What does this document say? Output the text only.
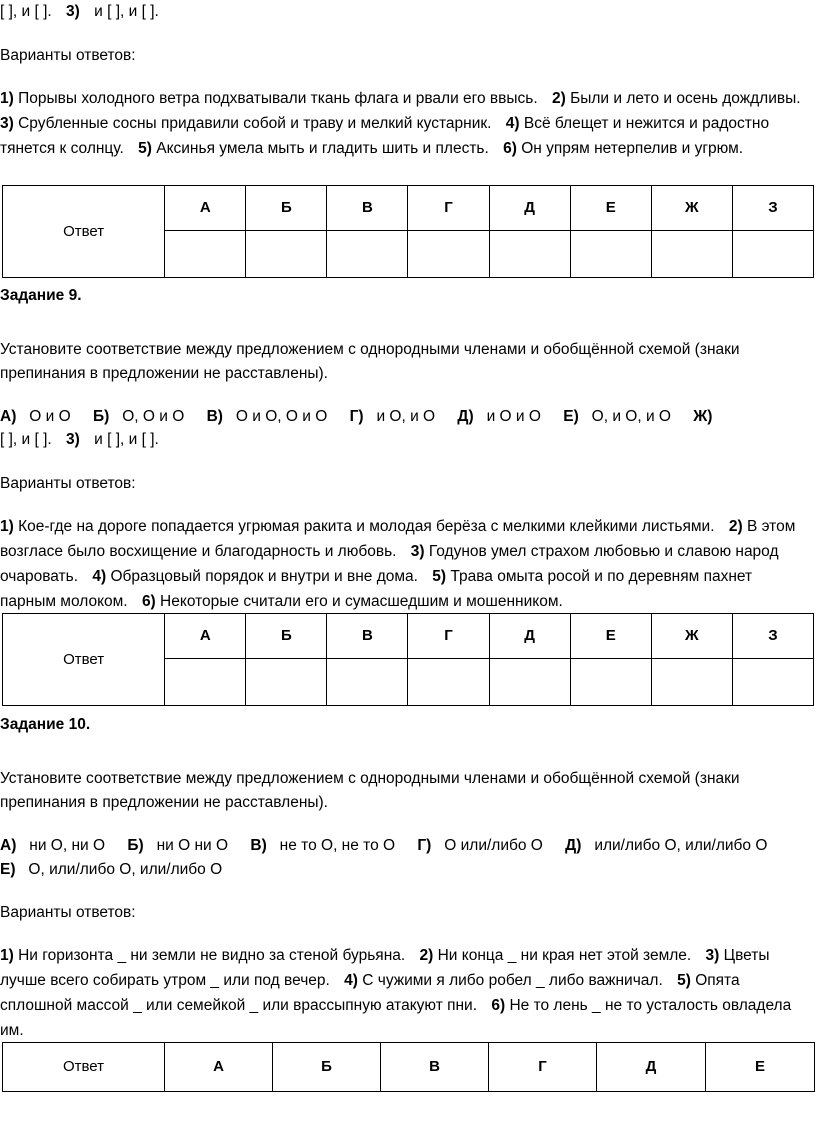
[ ], и [ ]. 3) и [ ], и [ ].
Варианты ответов:
1) Порывы холодного ветра подхватывали ткань флага и рвали его ввысь. 2) Были и лето и осень дождливы. 3) Срубленные сосны придавили собой и траву и мелкий кустарник. 4) Всё блещет и нежится и радостно тянется к солнцу. 5) Аксинья умела мыть и гладить шить и плесть. 6) Он упрям нетерпелив и угрюм.
Ответ	А	Б	В	Г	Д	Е	Ж	З

Задание 9.
Установите соответствие между предложением с однородными членами и обобщённой схемой (знаки препинания в предложении не расставлены).
А) О и О Б) О, О и О В) О и О, О и О Г) и О, и О Д) и О и О Е) О, и О, и О Ж)
[ ], и [ ]. 3) и [ ], и [ ].
Варианты ответов:
1) Кое-где на дороге попадается угрюмая ракита и молодая берёза с мелкими клейкими листьями. 2) В этом возгласе было восхищение и благодарность и любовь. 3) Годунов умел страхом любовью и славою народ очаровать. 4) Образцовый порядок и внутри и вне дома. 5) Трава омыта росой и по деревням пахнет парным молоком. 6) Некоторые считали его и сумасшедшим и мошенником.
Ответ	А	Б	В	Г	Д	Е	Ж	З

Задание 10.
Установите соответствие между предложением с однородными членами и обобщённой схемой (знаки препинания в предложении не расставлены).
А) ни О, ни О Б) ни О ни О В) не то О, не то О Г) О или/либо О Д) или/либо О, или/либо О Е) О, или/либо О, или/либо О
Варианты ответов:
1) Ни горизонта _ ни земли не видно за стеной бурьяна. 2) Ни конца _ ни края нет этой земле. 3) Цветы лучше всего собирать утром _ или под вечер. 4) С чужими я либо робел _ либо важничал. 5) Опята сплошной массой _ или семейкой _ или врассыпную атакуют пни. 6) Не то лень _ не то усталость овладела им.
Ответ	А	Б	В	Г	Д	Е
